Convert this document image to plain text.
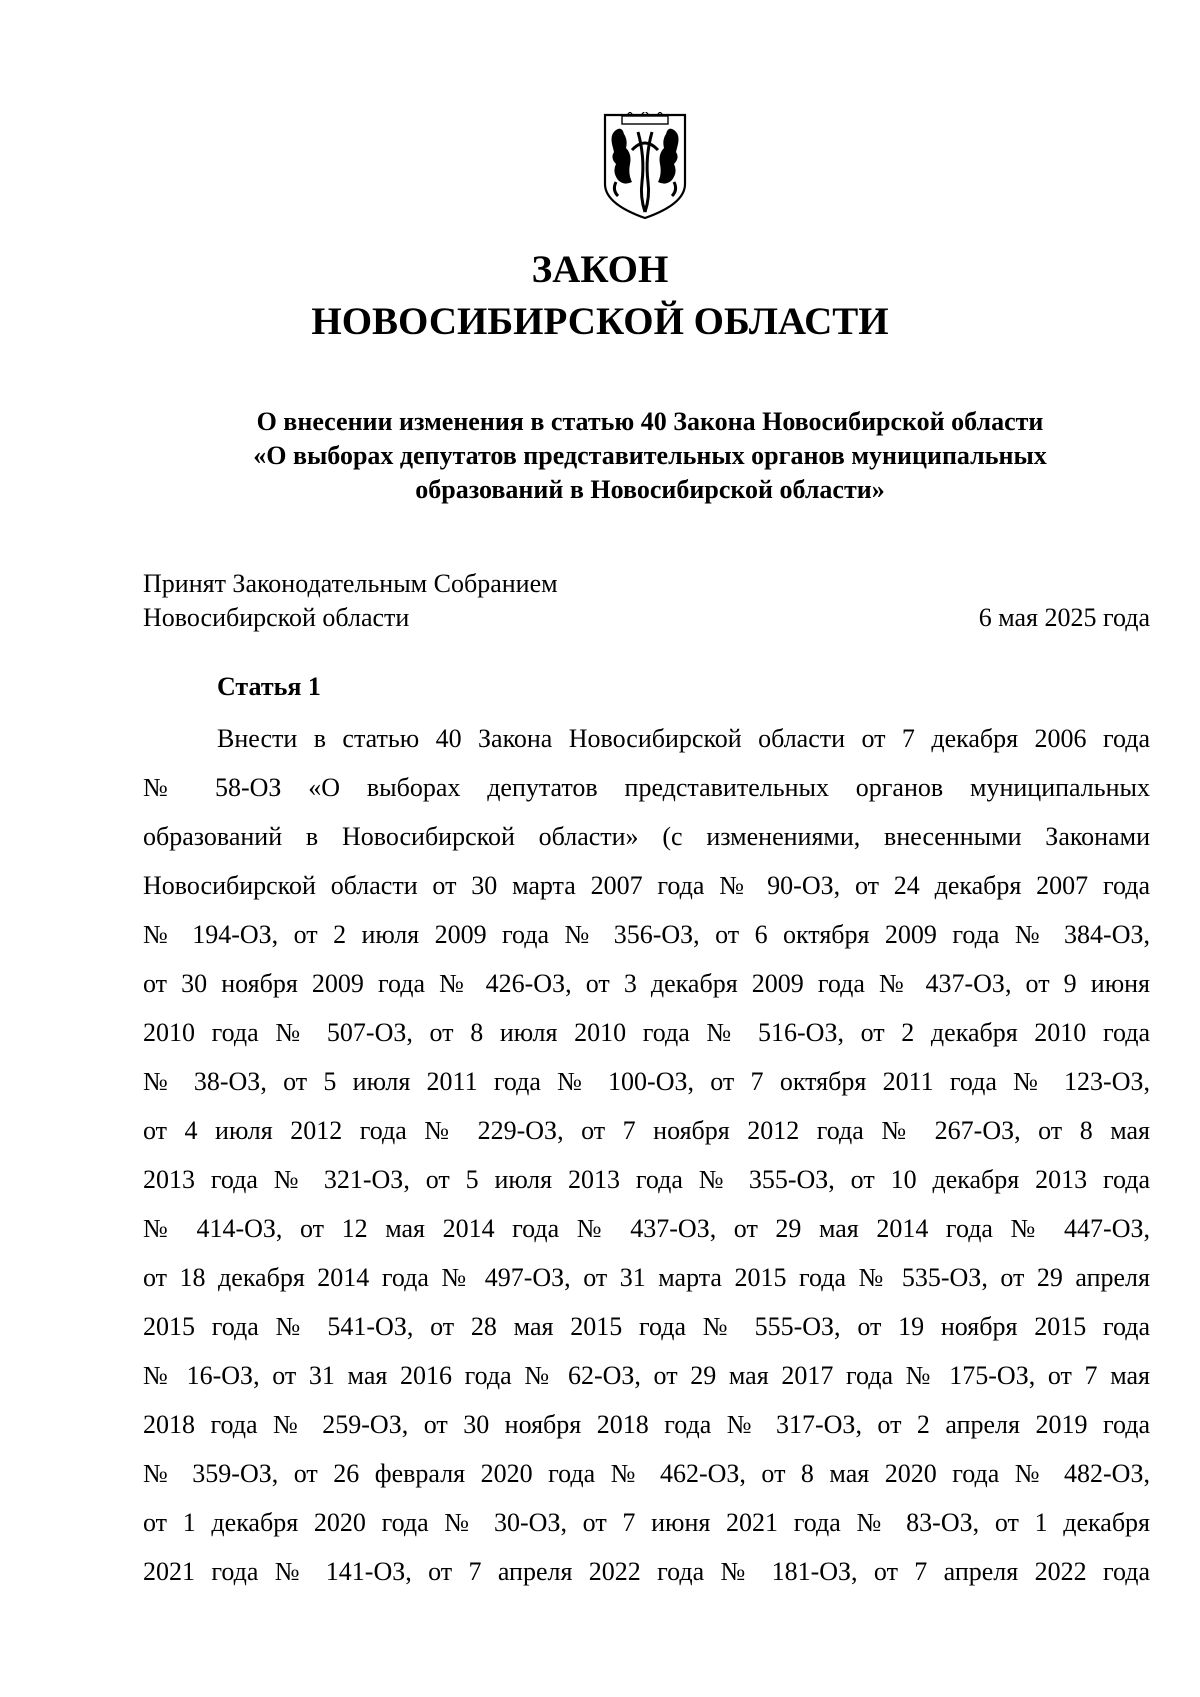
ЗАКОН
НОВОСИБИРСКОЙ ОБЛАСТИ
О внесении изменения в статью 40 Закона Новосибирской области
«О выборах депутатов представительных органов муниципальных
образований в Новосибирской области»
Принят Законодательным Собранием
Новосибирской области	6 мая 2025 года
Статья 1
Внести в статью 40 Закона Новосибирской области от 7 декабря 2006 года
№ 58-ОЗ «О выборах депутатов представительных органов муниципальных
образований в Новосибирской области» (с изменениями, внесенными Законами
Новосибирской области от 30 марта 2007 года № 90-ОЗ, от 24 декабря 2007 года
№ 194-ОЗ, от 2 июля 2009 года № 356-ОЗ, от 6 октября 2009 года № 384-ОЗ,
от 30 ноября 2009 года № 426-ОЗ, от 3 декабря 2009 года № 437-ОЗ, от 9 июня
2010 года № 507-ОЗ, от 8 июля 2010 года № 516-ОЗ, от 2 декабря 2010 года
№ 38-ОЗ, от 5 июля 2011 года № 100-ОЗ, от 7 октября 2011 года № 123-ОЗ,
от 4 июля 2012 года № 229-ОЗ, от 7 ноября 2012 года № 267-ОЗ, от 8 мая
2013 года № 321-ОЗ, от 5 июля 2013 года № 355-ОЗ, от 10 декабря 2013 года
№ 414-ОЗ, от 12 мая 2014 года № 437-ОЗ, от 29 мая 2014 года № 447-ОЗ,
от 18 декабря 2014 года № 497-ОЗ, от 31 марта 2015 года № 535-ОЗ, от 29 апреля
2015 года № 541-ОЗ, от 28 мая 2015 года № 555-ОЗ, от 19 ноября 2015 года
№ 16-ОЗ, от 31 мая 2016 года № 62-ОЗ, от 29 мая 2017 года № 175-ОЗ, от 7 мая
2018 года № 259-ОЗ, от 30 ноября 2018 года № 317-ОЗ, от 2 апреля 2019 года
№ 359-ОЗ, от 26 февраля 2020 года № 462-ОЗ, от 8 мая 2020 года № 482-ОЗ,
от 1 декабря 2020 года № 30-ОЗ, от 7 июня 2021 года № 83-ОЗ, от 1 декабря
2021 года № 141-ОЗ, от 7 апреля 2022 года № 181-ОЗ, от 7 апреля 2022 года
